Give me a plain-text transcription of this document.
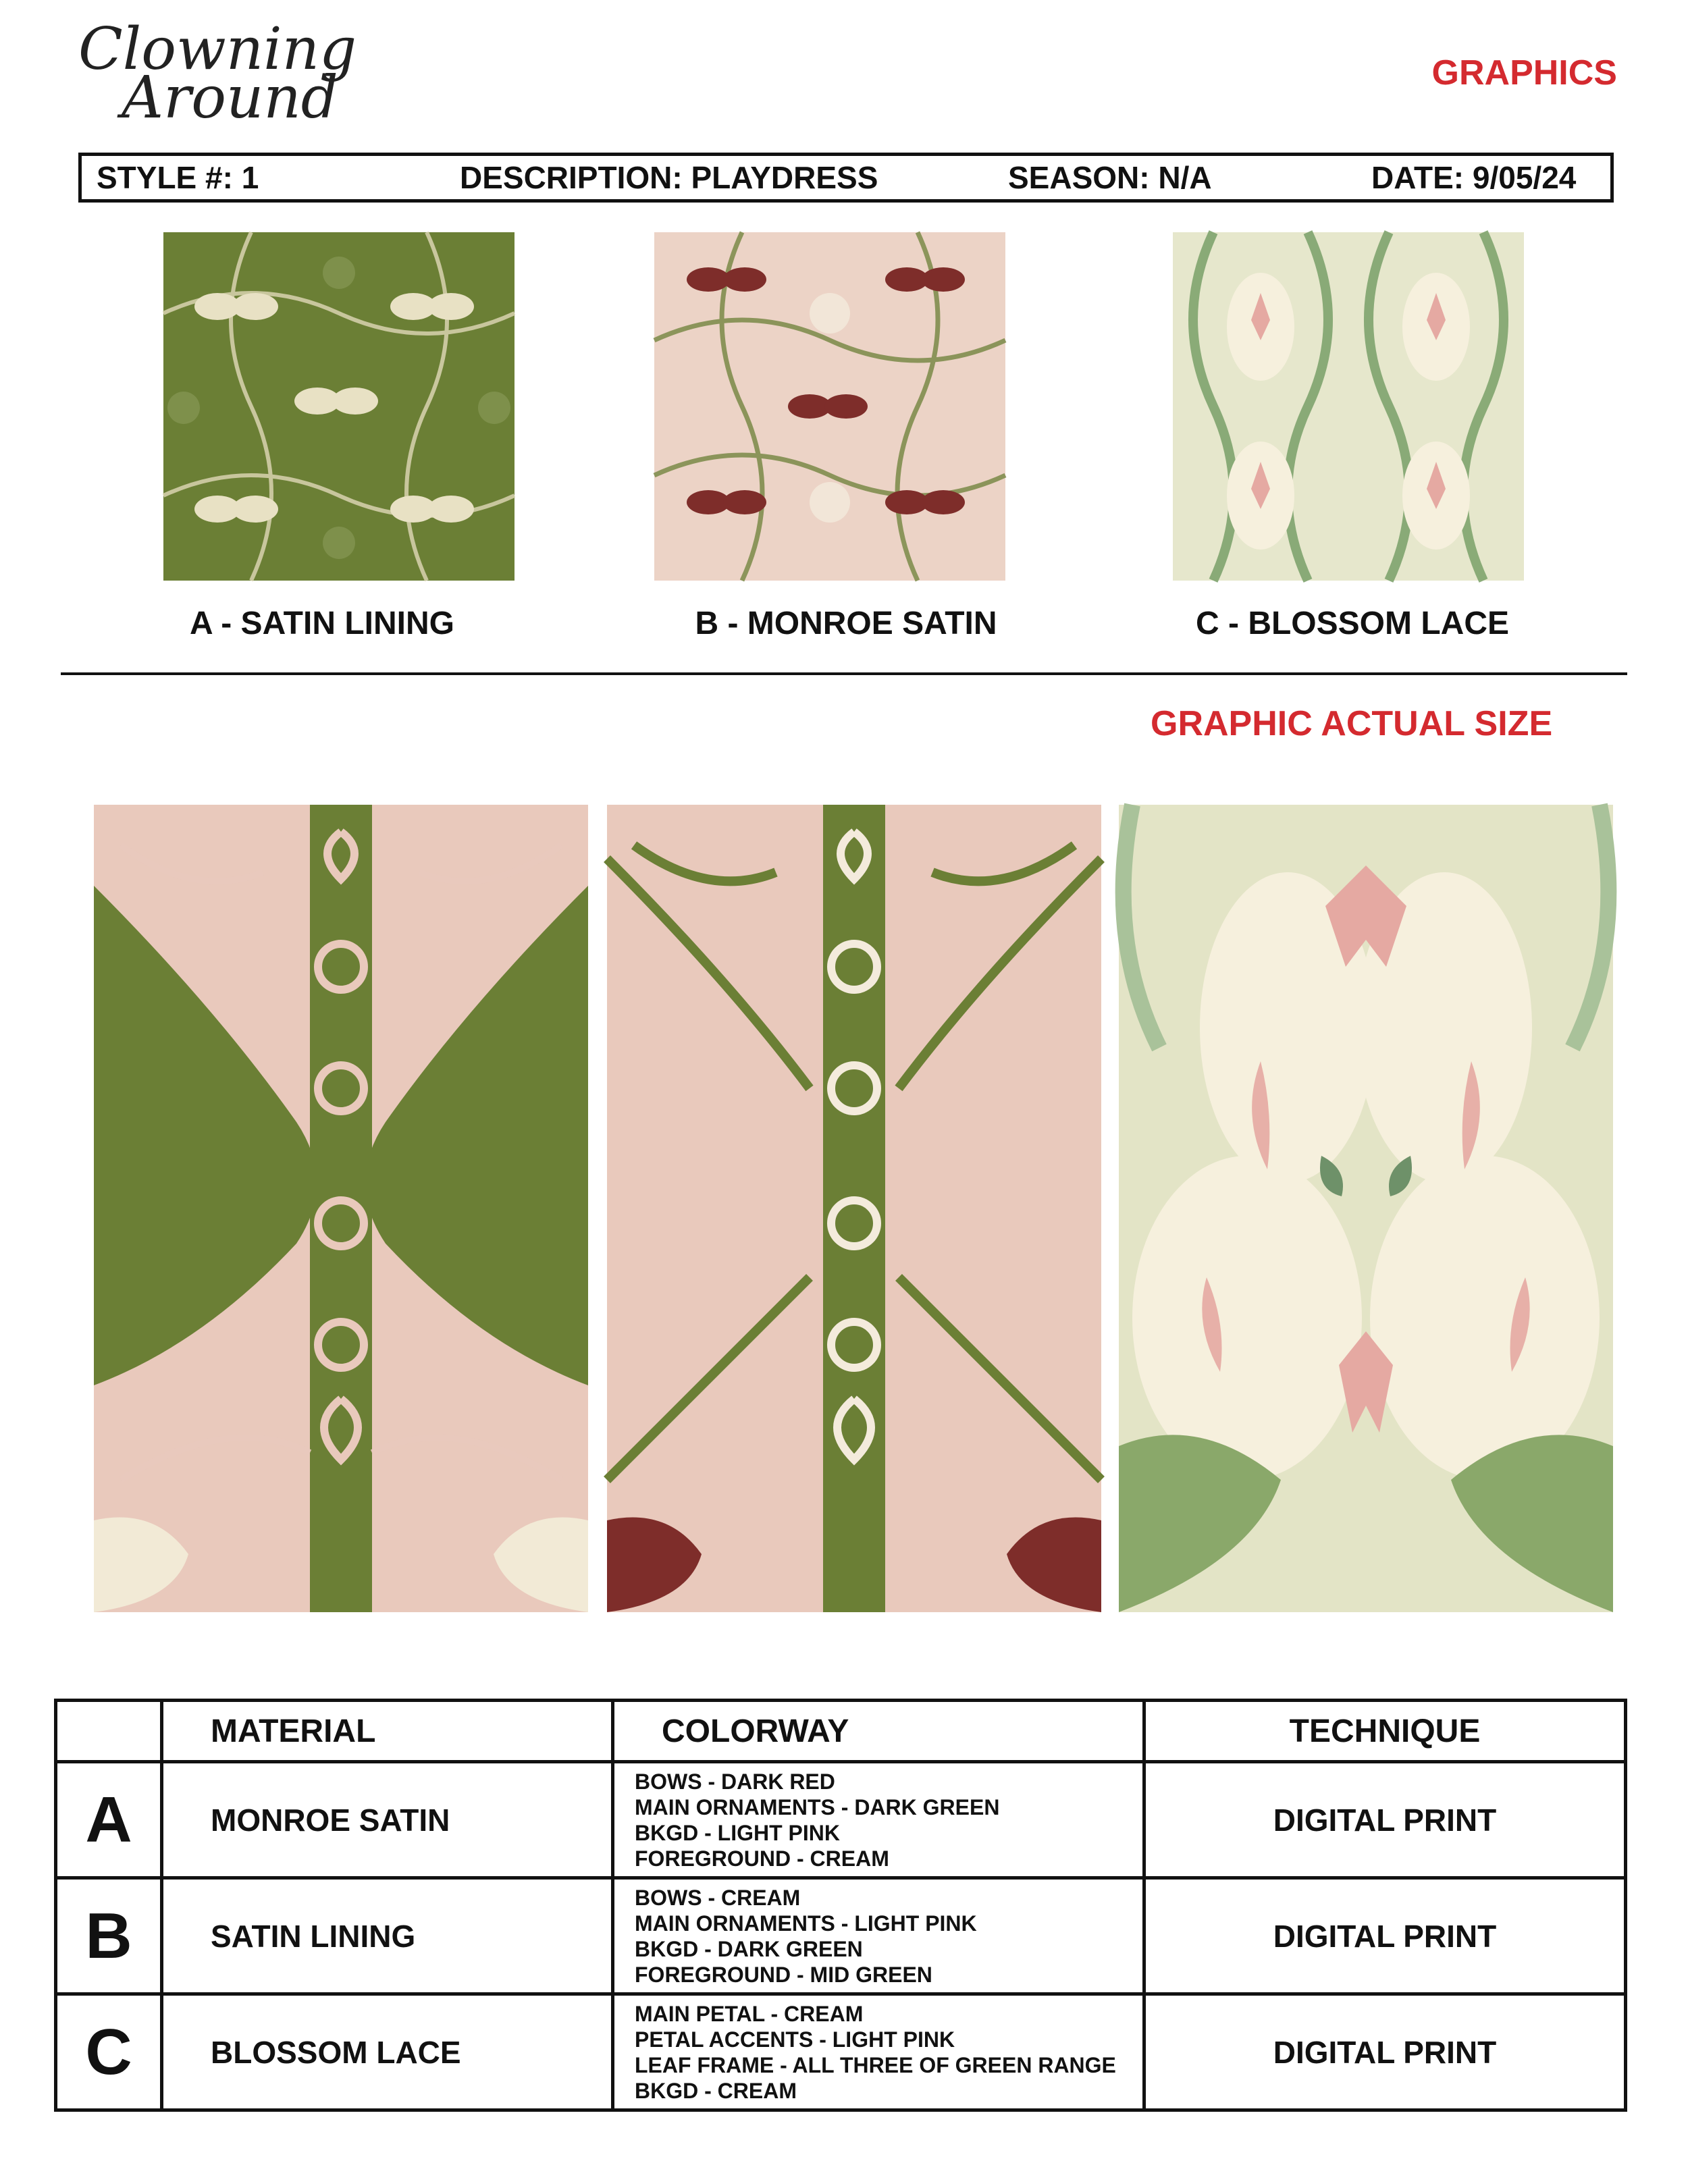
Clowning
Around	GRAPHICS
STYLE #: 1	DESCRIPTION: PLAYDRESS	SEASON: N/A	DATE: 9/05/24
A - SATIN LINING	B - MONROE SATIN	C - BLOSSOM LACE
GRAPHIC ACTUAL SIZE
	MATERIAL	COLORWAY	TECHNIQUE
A	MONROE SATIN	BOWS - DARK RED
MAIN ORNAMENTS - DARK GREEN
BKGD - LIGHT PINK
FOREGROUND - CREAM	DIGITAL PRINT
B	SATIN LINING	BOWS - CREAM
MAIN ORNAMENTS - LIGHT PINK
BKGD - DARK GREEN
FOREGROUND - MID GREEN	DIGITAL PRINT
C	BLOSSOM LACE	MAIN PETAL - CREAM
PETAL ACCENTS - LIGHT PINK
LEAF FRAME - ALL THREE OF GREEN RANGE
BKGD - CREAM	DIGITAL PRINT
